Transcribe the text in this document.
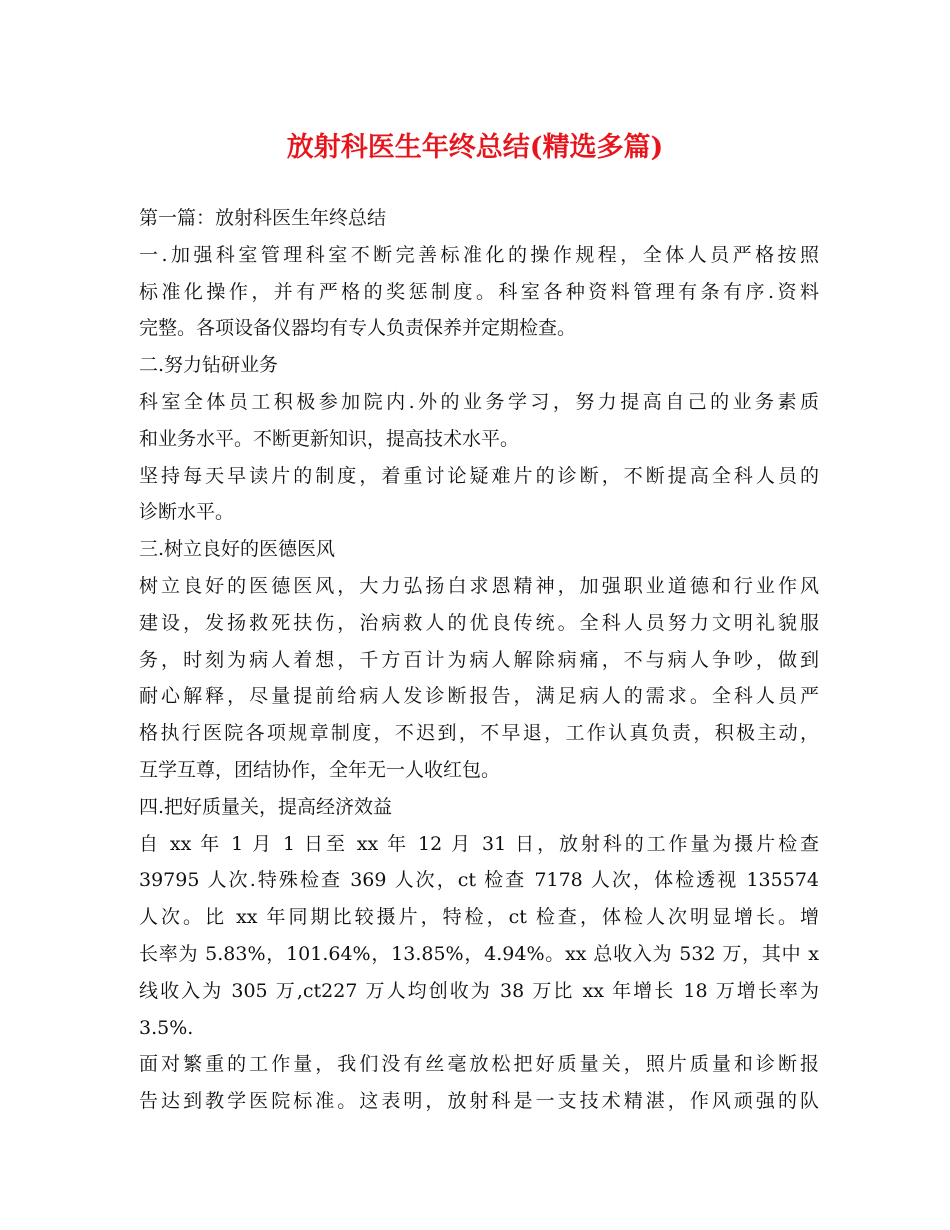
放射科医生年终总结(精选多篇)
第一篇：放射科医生年终总结
一.加强科室管理科室不断完善标准化的操作规程，全体人员严格按照
标准化操作，并有严格的奖惩制度。科室各种资料管理有条有序.资料
完整。各项设备仪器均有专人负责保养并定期检查。
二.努力钻研业务
科室全体员工积极参加院内.外的业务学习，努力提高自己的业务素质
和业务水平。不断更新知识，提高技术水平。
坚持每天早读片的制度，着重讨论疑难片的诊断，不断提高全科人员的
诊断水平。
三.树立良好的医德医风
树立良好的医德医风，大力弘扬白求恩精神，加强职业道德和行业作风
建设，发扬救死扶伤，治病救人的优良传统。全科人员努力文明礼貌服
务，时刻为病人着想，千方百计为病人解除病痛，不与病人争吵，做到
耐心解释，尽量提前给病人发诊断报告，满足病人的需求。全科人员严
格执行医院各项规章制度，不迟到，不早退，工作认真负责，积极主动，
互学互尊，团结协作，全年无一人收红包。
四.把好质量关，提高经济效益
自 xx 年 1 月 1 日至 xx 年 12 月 31 日，放射科的工作量为摄片检查
39795 人次.特殊检查 369 人次，ct 检查 7178 人次，体检透视 135574
人次。比 xx 年同期比较摄片，特检，ct 检查，体检人次明显增长。增
长率为 5.83%，101.64%，13.85%，4.94%。xx 总收入为 532 万，其中 x
线收入为 305 万,ct227 万人均创收为 38 万比 xx 年增长 18 万增长率为
3.5%.
面对繁重的工作量，我们没有丝毫放松把好质量关，照片质量和诊断报
告达到教学医院标准。这表明，放射科是一支技术精湛，作风顽强的队
